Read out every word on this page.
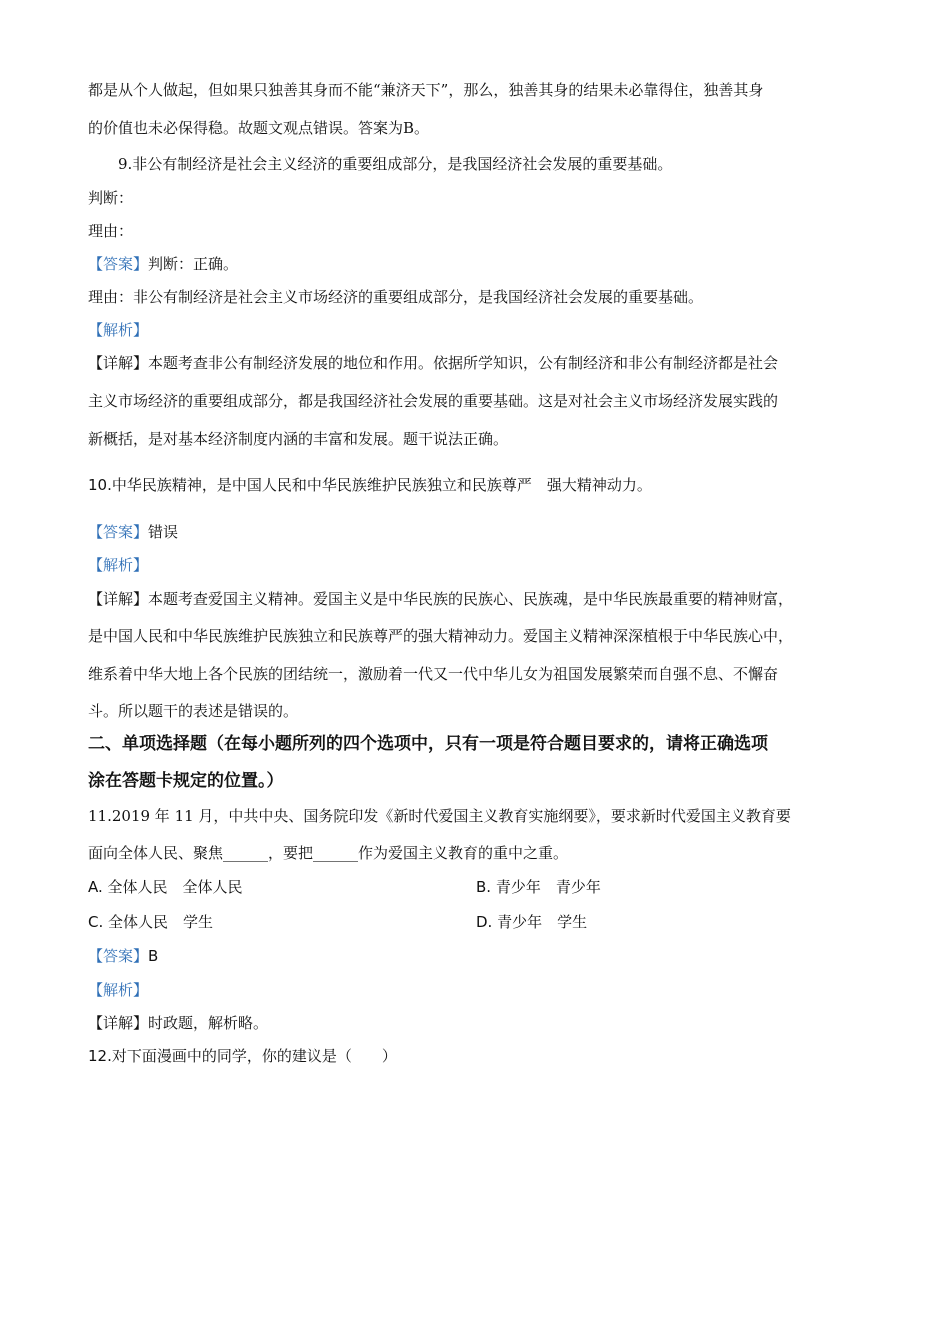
都是从个人做起，但如果只独善其身而不能“兼济天下”，那么，独善其身的结果未必靠得住，独善其身
的价值也未必保得稳。故题文观点错误。答案为B。
9.非公有制经济是社会主义经济的重要组成部分，是我国经济社会发展的重要基础。
判断：
理由：
【答案】判断：正确。
理由：非公有制经济是社会主义市场经济的重要组成部分，是我国经济社会发展的重要基础。
【解析】
【详解】本题考查非公有制经济发展的地位和作用。依据所学知识，公有制经济和非公有制经济都是社会
主义市场经济的重要组成部分，都是我国经济社会发展的重要基础。这是对社会主义市场经济发展实践的
新概括，是对基本经济制度内涵的丰富和发展。题干说法正确。
10.中华民族精神，是中国人民和中华民族维护民族独立和民族尊严　强大精神动力。
【答案】错误
【解析】
【详解】本题考查爱国主义精神。爱国主义是中华民族的民族心、民族魂，是中华民族最重要的精神财富，
是中国人民和中华民族维护民族独立和民族尊严的强大精神动力。爱国主义精神深深植根于中华民族心中，
维系着中华大地上各个民族的团结统一，激励着一代又一代中华儿女为祖国发展繁荣而自强不息、不懈奋
斗。所以题干的表述是错误的。
二、单项选择题（在每小题所列的四个选项中，只有一项是符合题目要求的，请将正确选项
涂在答题卡规定的位置。）
11.2019 年 11 月，中共中央、国务院印发《新时代爱国主义教育实施纲要》，要求新时代爱国主义教育要
面向全体人民、聚焦______，要把______作为爱国主义教育的重中之重。
A. 全体人民　全体人民	B. 青少年　青少年
C. 全体人民　学生	D. 青少年　学生
【答案】B
【解析】
【详解】时政题，解析略。
12.对下面漫画中的同学，你的建议是（　　）
